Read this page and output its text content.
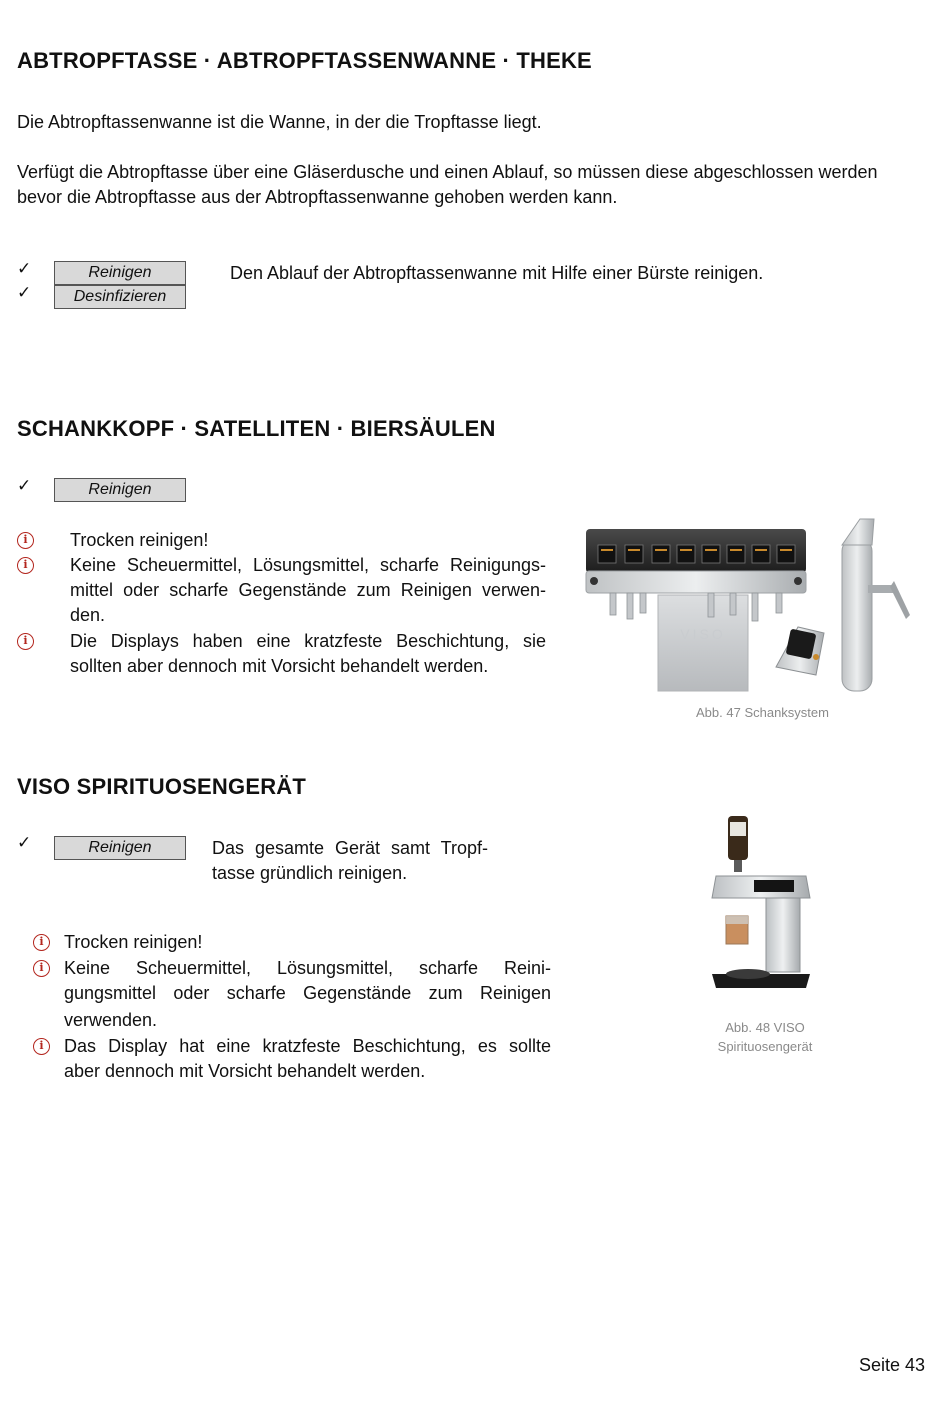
ABTROPFTASSE · ABTROPFTASSENWANNE · THEKE
Die Abtropftassenwanne ist die Wanne, in der die Tropftasse liegt.
Verfügt die Abtropftasse über eine Gläserdusche und einen Ablauf, so müssen diese abgeschlossen werden
bevor die Abtropftasse aus der Abtropftassenwanne gehoben werden kann.
✓
✓
Reinigen
Desinfizieren
Den Ablauf der Abtropftassenwanne mit Hilfe einer Bürste reinigen.
SCHANKKOPF · SATELLITEN · BIERSÄULEN
✓	Reinigen
i
i
i
Trocken reinigen!
Keine Scheuermittel, Lösungsmittel, scharfe Reinigungs-
mittel oder scharfe Gegenstände zum Reinigen verwen-
den.
Die Displays haben eine kratzfeste Beschichtung, sie
sollten aber dennoch mit Vorsicht behandelt werden.
VISO
Abb. 47 Schanksystem
VISO SPIRITUOSENGERÄT
✓	Reinigen	Das gesamte Gerät samt Tropf-
tasse gründlich reinigen.
i
i
i
Trocken reinigen!
Keine Scheuermittel, Lösungsmittel, scharfe Reini-
gungsmittel oder scharfe Gegenstände zum Reinigen
verwenden.
Das Display hat eine kratzfeste Beschichtung, es sollte
aber dennoch mit Vorsicht behandelt werden.
Abb. 48 VISO
Spirituosengerät
Seite 43
